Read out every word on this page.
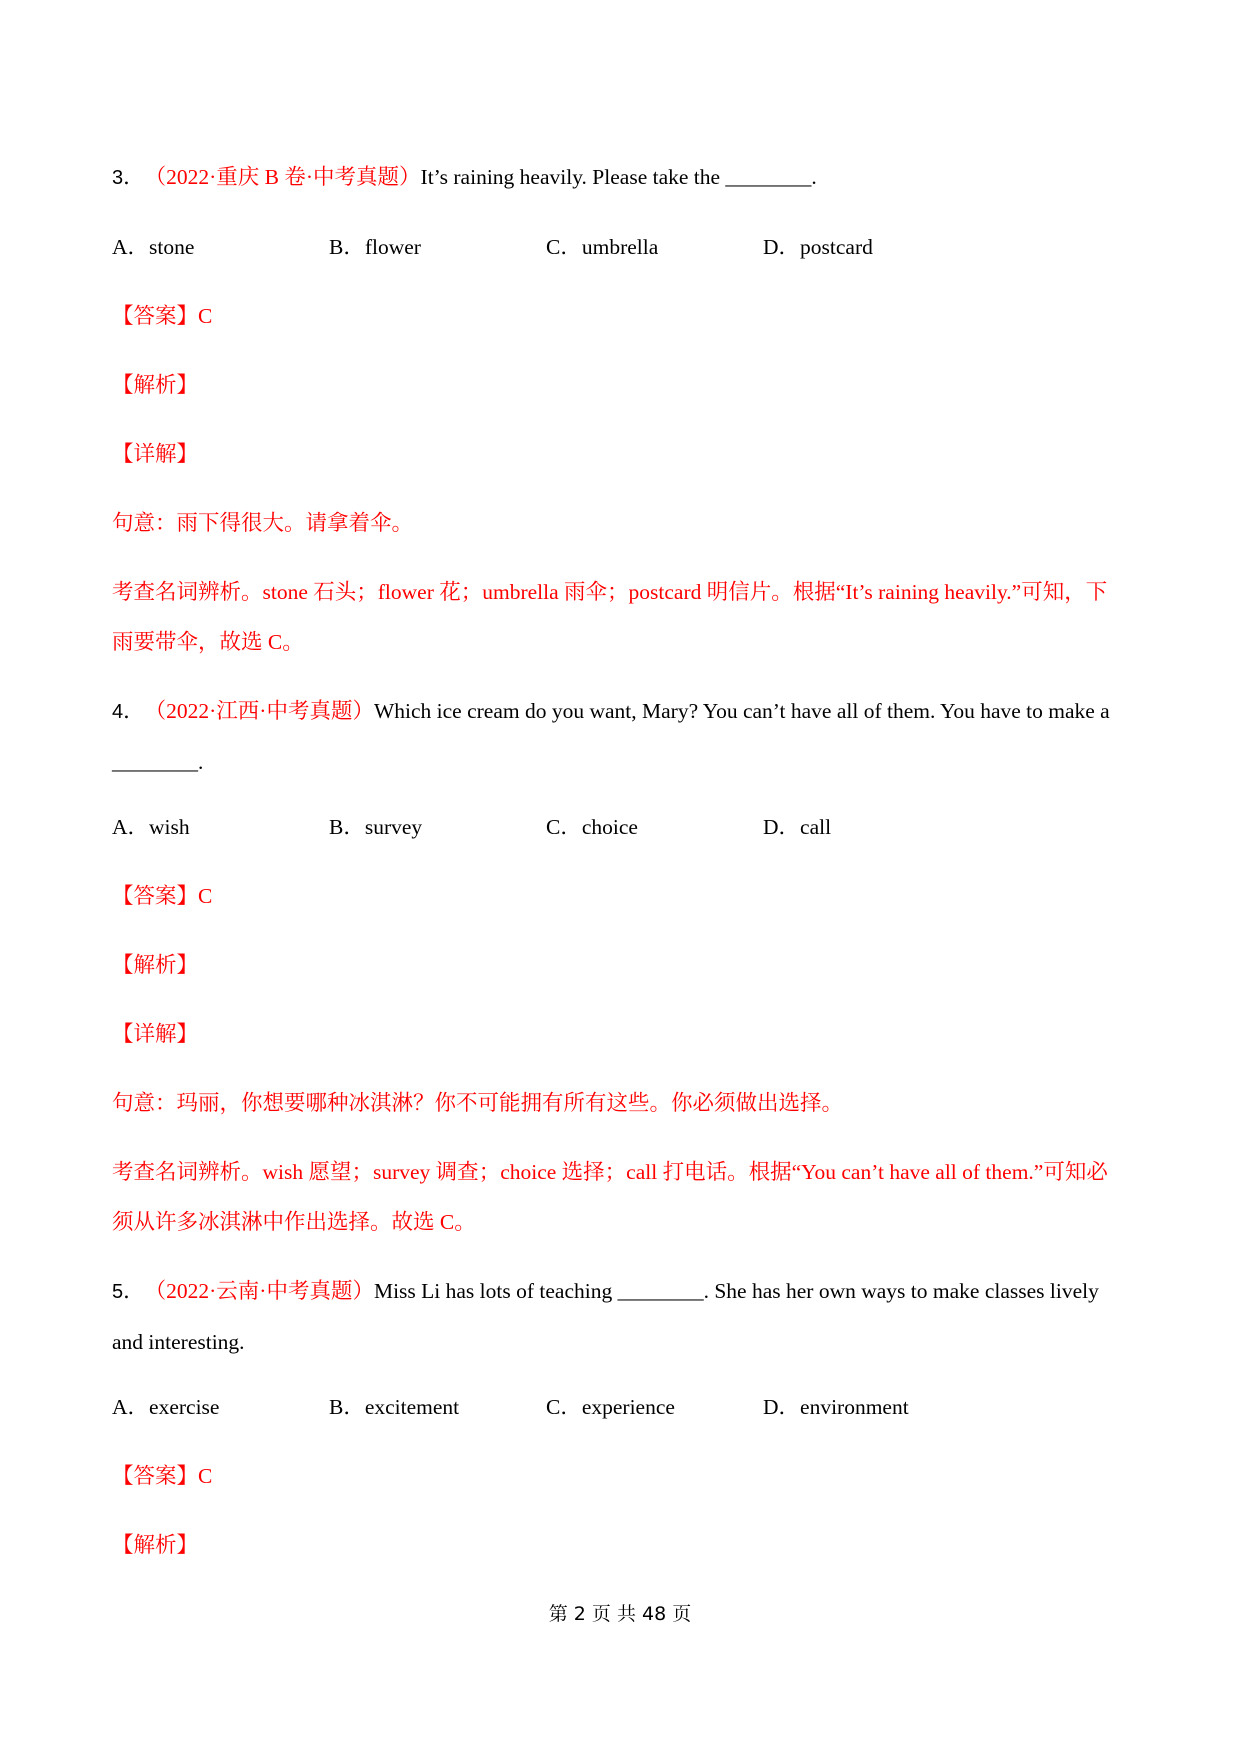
3．（2022·重庆 B 卷·中考真题）It’s raining heavily. Please take the ________.

A．stone	B．flower	C．umbrella	D．postcard

【答案】C

【解析】

【详解】

句意：雨下得很大。请拿着伞。

考查名词辨析。stone 石头；flower 花；umbrella 雨伞；postcard 明信片。根据“It’s raining heavily.”可知，下
雨要带伞，故选 C。

4．（2022·江西·中考真题）Which ice cream do you want, Mary? You can’t have all of them. You have to make a
________.

A．wish	B．survey	C．choice	D．call

【答案】C

【解析】

【详解】

句意：玛丽，你想要哪种冰淇淋？你不可能拥有所有这些。你必须做出选择。

考查名词辨析。wish 愿望；survey 调查；choice 选择；call 打电话。根据“You can’t have all of them.”可知必
须从许多冰淇淋中作出选择。故选 C。

5．（2022·云南·中考真题）Miss Li has lots of teaching ________. She has her own ways to make classes lively
and interesting.

A．exercise	B．excitement	C．experience	D．environment

【答案】C

【解析】

第 2 页 共 48 页
